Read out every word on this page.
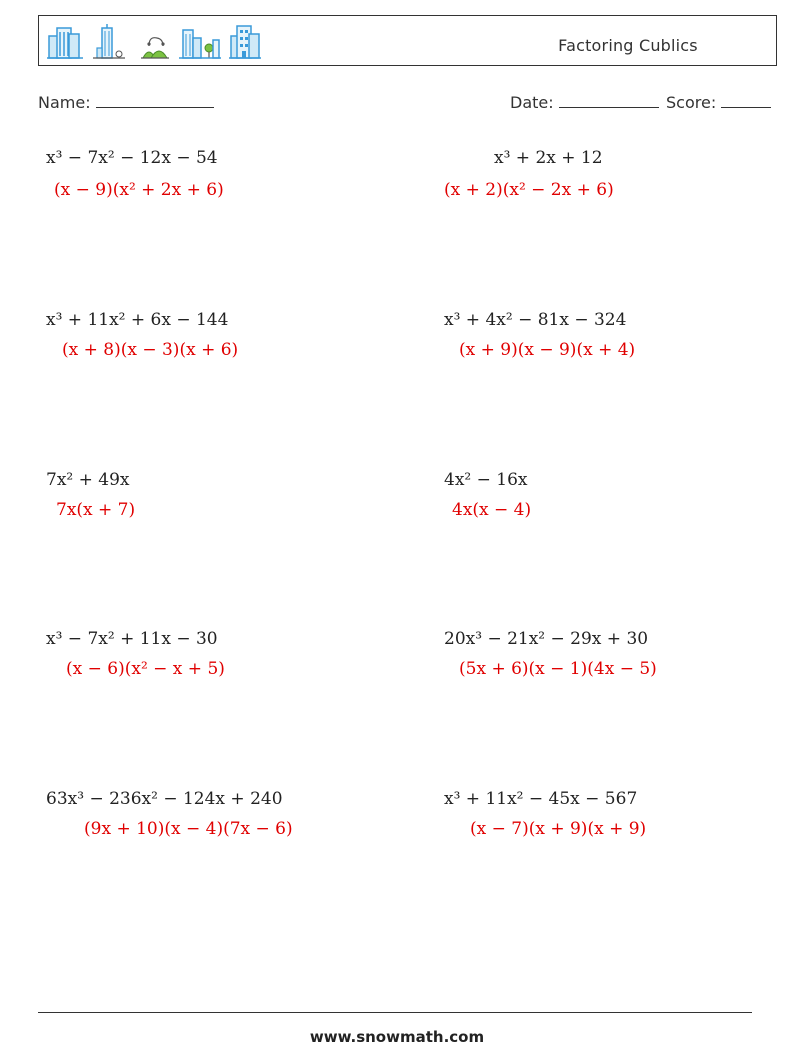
Factoring Cublics
Name:	Date:	Score:
x³ − 7x² − 12x − 54
(x − 9)(x² + 2x + 6)
x³ + 11x² + 6x − 144
(x + 8)(x − 3)(x + 6)
7x² + 49x
7x(x + 7)
x³ − 7x² + 11x − 30
(x − 6)(x² − x + 5)
63x³ − 236x² − 124x + 240
(9x + 10)(x − 4)(7x − 6)
x³ + 2x + 12
(x + 2)(x² − 2x + 6)
x³ + 4x² − 81x − 324
(x + 9)(x − 9)(x + 4)
4x² − 16x
4x(x − 4)
20x³ − 21x² − 29x + 30
(5x + 6)(x − 1)(4x − 5)
x³ + 11x² − 45x − 567
(x − 7)(x + 9)(x + 9)
www.snowmath.com
